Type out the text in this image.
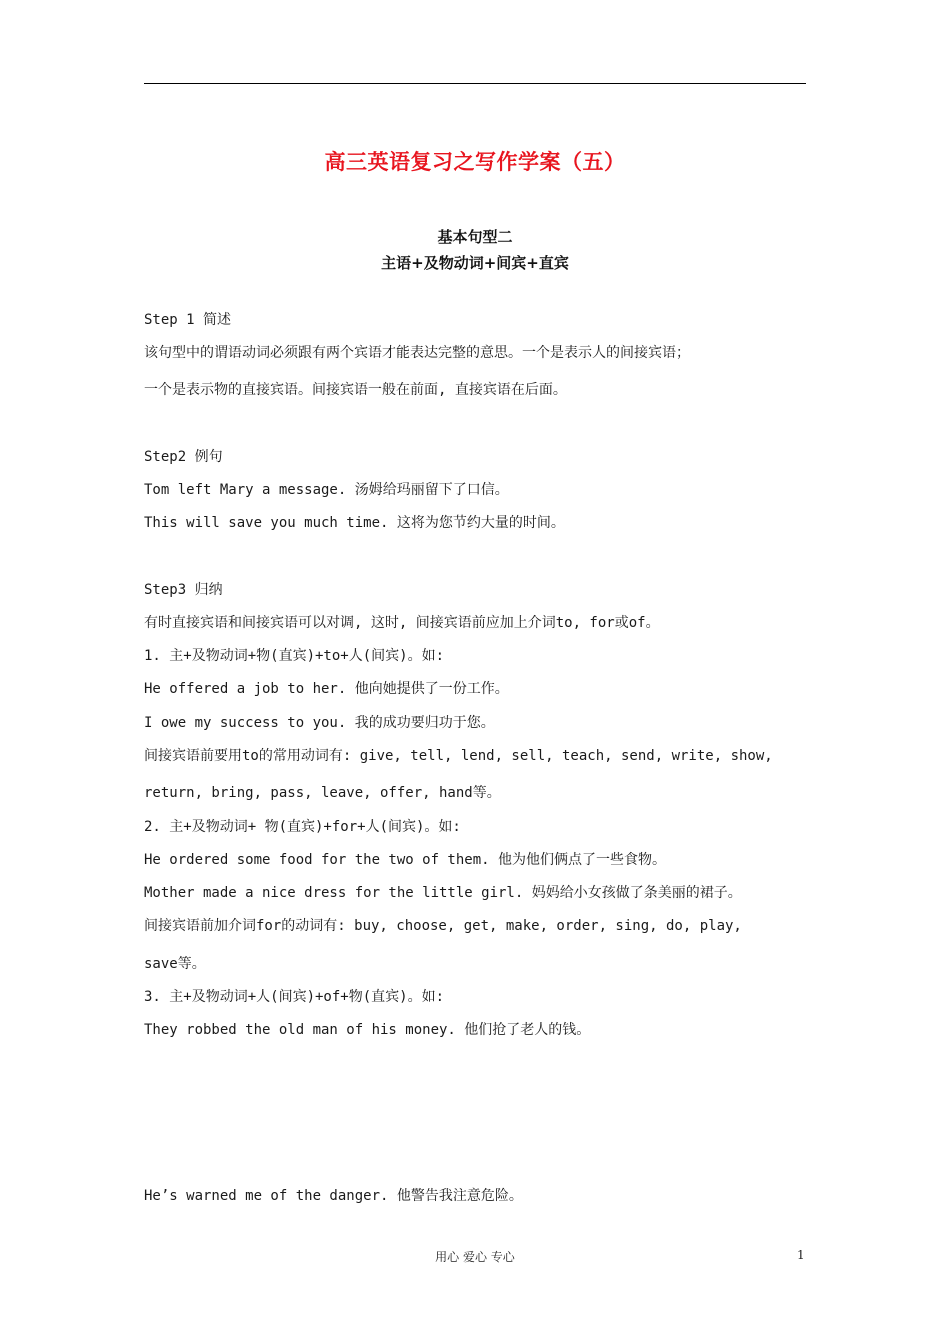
高三英语复习之写作学案（五）
基本句型二
主语+及物动词+间宾+直宾
Step 1 简述
该句型中的谓语动词必须跟有两个宾语才能表达完整的意思。一个是表示人的间接宾语；
一个是表示物的直接宾语。间接宾语一般在前面, 直接宾语在后面。
Step2 例句
Tom left Mary a message. 汤姆给玛丽留下了口信。
This will save you much time. 这将为您节约大量的时间。
Step3 归纳
有时直接宾语和间接宾语可以对调, 这时, 间接宾语前应加上介词to, for或of。
1. 主+及物动词+物(直宾)+to+人(间宾)。如:
He offered a job to her. 他向她提供了一份工作。
I owe my success to you. 我的成功要归功于您。
间接宾语前要用to的常用动词有: give, tell, lend, sell, teach, send, write, show,
return, bring, pass, leave, offer, hand等。
2. 主+及物动词+ 物(直宾)+for+人(间宾)。如:
He ordered some food for the two of them. 他为他们俩点了一些食物。
Mother made a nice dress for the little girl. 妈妈给小女孩做了条美丽的裙子。
间接宾语前加介词for的动词有: buy, choose, get, make, order, sing, do, play,
save等。
3. 主+及物动词+人(间宾)+of+物(直宾)。如:
They robbed the old man of his money. 他们抢了老人的钱。
He’s warned me of the danger. 他警告我注意危险。
用心 爱心 专心	1
